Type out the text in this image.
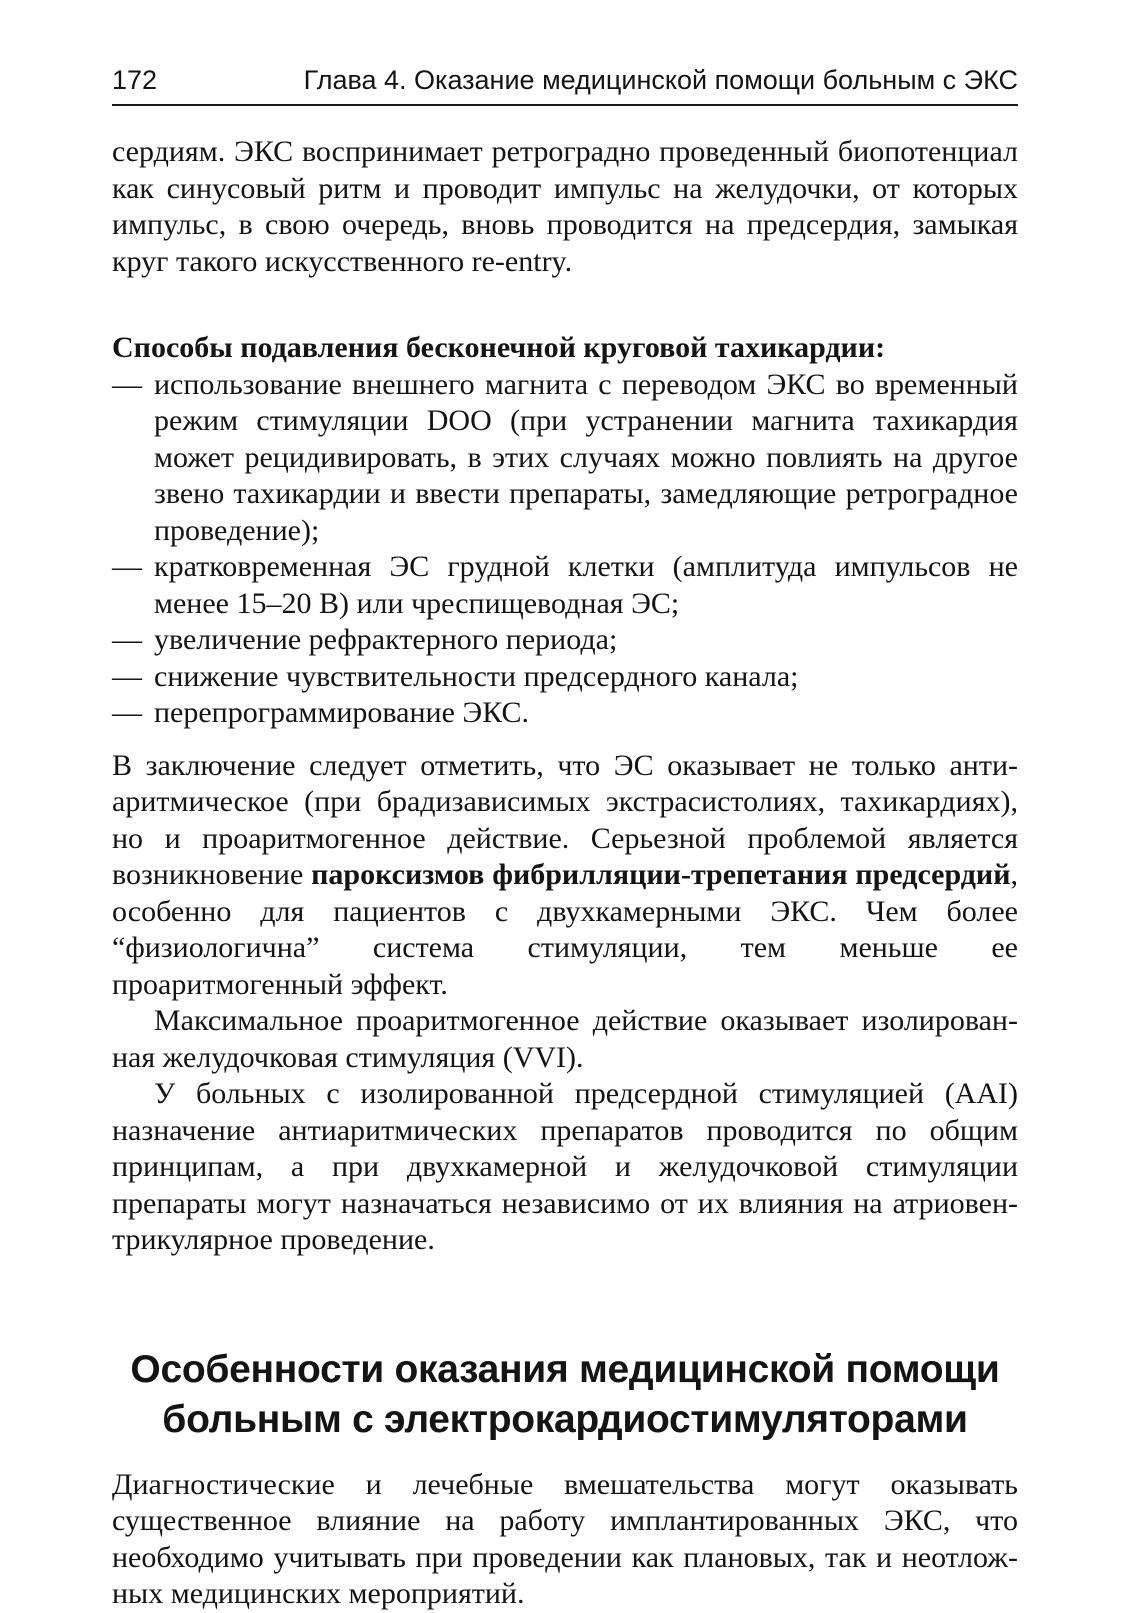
172	Глава 4. Оказание медицинской помощи больным с ЭКС

сердиям. ЭКС воспринимает ретроградно проведенный биопотенциал как синусовый ритм и проводит импульс на желудочки, от которых импульс, в свою очередь, вновь проводится на предсердия, замыкая круг такого искусственного re-entry.

Способы подавления бесконечной круговой тахикардии:
— использование внешнего магнита с переводом ЭКС во временный режим стимуляции DOO (при устранении магнита тахикардия может рецидивировать, в этих случаях можно повлиять на другое звено тахикардии и ввести препараты, замедляющие ретроградное проведение);
— кратковременная ЭС грудной клетки (амплитуда импульсов не менее 15–20 В) или чреспищеводная ЭС;
— увеличение рефрактерного периода;
— снижение чувствительности предсердного канала;
— перепрограммирование ЭКС.

В заключение следует отметить, что ЭС оказывает не только антиаритмическое (при брадизависимых экстрасистолиях, тахикардиях), но и проаритмогенное действие. Серьезной проблемой является возникновение пароксизмов фибрилляции-трепетания предсердий, особенно для пациентов с двухкамерными ЭКС. Чем более “физиологична” система стимуляции, тем меньше ее проаритмогенный эффект.

Максимальное проаритмогенное действие оказывает изолированная желудочковая стимуляция (VVI).

У больных с изолированной предсердной стимуляцией (AAI) назначение антиаритмических препаратов проводится по общим принципам, а при двухкамерной и желудочковой стимуляции препараты могут назначаться независимо от их влияния на атриовентрикулярное проведение.

Особенности оказания медицинской помощи
больным с электрокардиостимуляторами

Диагностические и лечебные вмешательства могут оказывать существенное влияние на работу имплантированных ЭКС, что необходимо учитывать при проведении как плановых, так и неотложных медицинских мероприятий.
